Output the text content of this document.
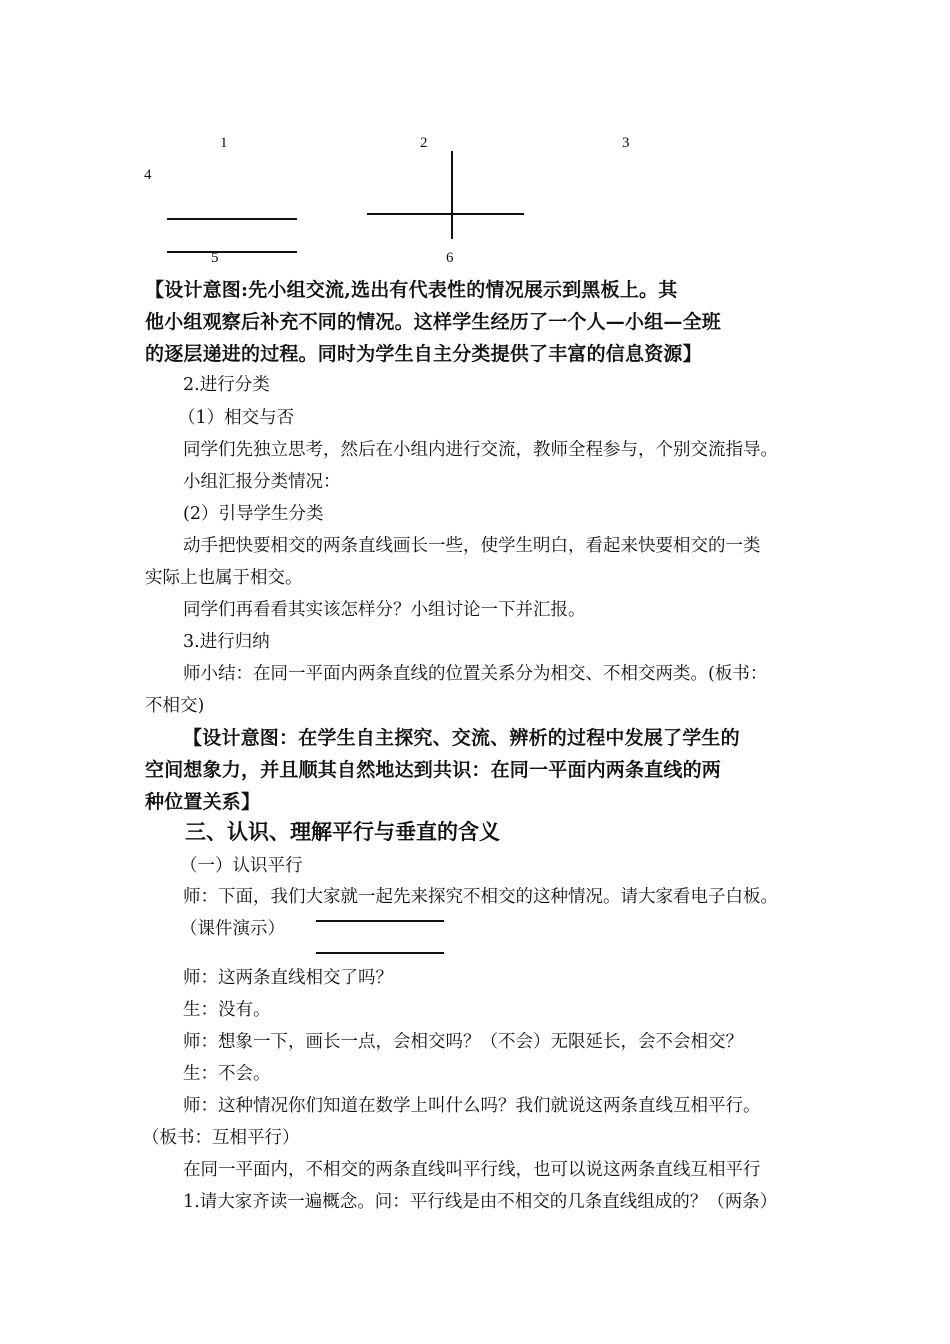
1	2	3
4
5	6
【设计意图:先小组交流,选出有代表性的情况展示到黑板上。其
他小组观察后补充不同的情况。这样学生经历了一个人—小组—全班
的逐层递进的过程。同时为学生自主分类提供了丰富的信息资源】
2.进行分类
（1）相交与否
同学们先独立思考，然后在小组内进行交流，教师全程参与，个别交流指导。
小组汇报分类情况：
(2）引导学生分类
动手把快要相交的两条直线画长一些，使学生明白，看起来快要相交的一类
实际上也属于相交。
同学们再看看其实该怎样分？小组讨论一下并汇报。
3.进行归纳
师小结：在同一平面内两条直线的位置关系分为相交、不相交两类。(板书：
不相交)
【设计意图：在学生自主探究、交流、辨析的过程中发展了学生的
空间想象力，并且顺其自然地达到共识：在同一平面内两条直线的两
种位置关系】
三、认识、理解平行与垂直的含义
（一）认识平行
师：下面，我们大家就一起先来探究不相交的这种情况。请大家看电子白板。
（课件演示）
师：这两条直线相交了吗？
生：没有。
师：想象一下，画长一点，会相交吗？（不会）无限延长，会不会相交？
生：不会。
师：这种情况你们知道在数学上叫什么吗？我们就说这两条直线互相平行。
（板书：互相平行）
在同一平面内，不相交的两条直线叫平行线，也可以说这两条直线互相平行
1.请大家齐读一遍概念。问：平行线是由不相交的几条直线组成的？（两条）
